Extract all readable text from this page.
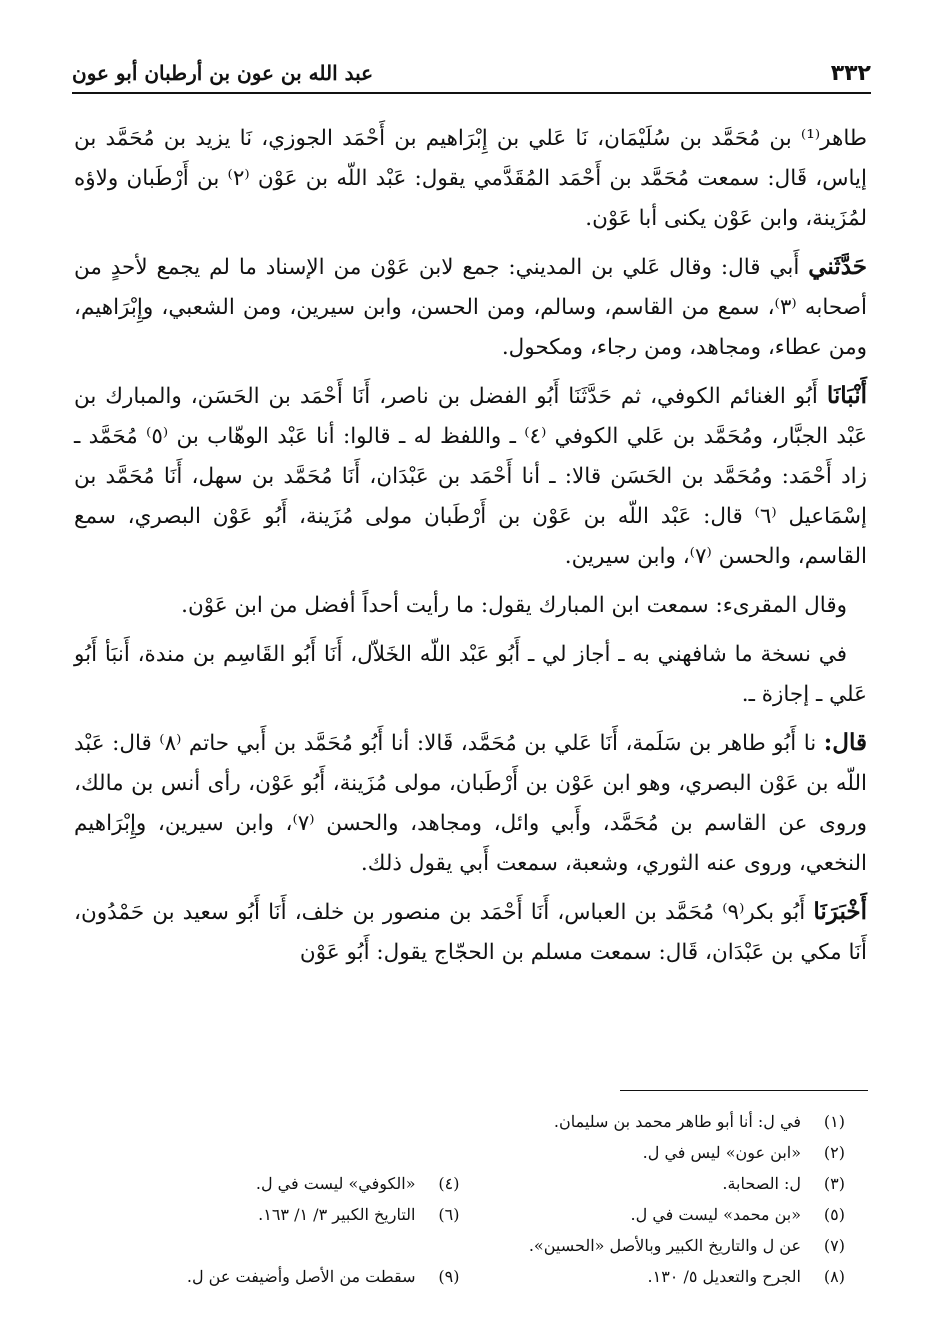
٣٣٢
عبد الله بن عون بن أرطبان أبو عون

طاهر⁽¹⁾ بن مُحَمَّد بن سُلَيْمَان، نَا عَلي بن إِبْرَاهيم بن أَحْمَد الجوزي، نَا يزيد بن مُحَمَّد بن إياس، قَال: سمعت مُحَمَّد بن أَحْمَد المُقَدَّمي يقول: عَبْد اللّه بن عَوْن ⁽٢⁾ بن أَرْطَبان ولاؤه لمُزَينة، وابن عَوْن يكنى أبا عَوْن.

حَدَّثَني أَبي قال: وقال عَلي بن المديني: جمع لابن عَوْن من الإسناد ما لم يجمع لأحدٍ من أصحابه ⁽٣⁾، سمع من القاسم، وسالم، ومن الحسن، وابن سيرين، ومن الشعبي، وإِبْرَاهيم، ومن عطاء، ومجاهد، ومن رجاء، ومكحول.

أَنْبَانَا أَبُو الغنائم الكوفي، ثم حَدَّثَنَا أَبُو الفضل بن ناصر، أَنَا أَحْمَد بن الحَسَن، والمبارك بن عَبْد الجبَّار، ومُحَمَّد بن عَلي الكوفي ⁽٤⁾ ـ واللفظ له ـ قالوا: أنا عَبْد الوهّاب بن ⁽٥⁾ مُحَمَّد ـ زاد أَحْمَد: ومُحَمَّد بن الحَسَن قالا: ـ أنا أَحْمَد بن عَبْدَان، أَنَا مُحَمَّد بن سهل، أَنَا مُحَمَّد بن إسْمَاعيل ⁽٦⁾ قال: عَبْد اللّه بن عَوْن بن أَرْطَبان مولى مُزَينة، أَبُو عَوْن البصري، سمع القاسم، والحسن ⁽٧⁾، وابن سيرين.

وقال المقرىء: سمعت ابن المبارك يقول: ما رأيت أحداً أفضل من ابن عَوْن.

في نسخة ما شافهني به ـ أجاز لي ـ أَبُو عَبْد اللّه الخَلاّل، أَنَا أَبُو القَاسِم بن مندة، أَنبَأ أَبُو عَلي ـ إجازة ـ.

قال: نا أَبُو طاهر بن سَلَمة، أَنَا عَلي بن مُحَمَّد، قَالا: أنا أَبُو مُحَمَّد بن أَبي حاتم ⁽٨⁾ قال: عَبْد اللّه بن عَوْن البصري، وهو ابن عَوْن بن أَرْطَبان، مولى مُزَينة، أَبُو عَوْن، رأى أنس بن مالك، وروى عن القاسم بن مُحَمَّد، وأَبي وائل، ومجاهد، والحسن ⁽٧⁾، وابن سيرين، وإِبْرَاهيم النخعي، وروى عنه الثوري، وشعبة، سمعت أَبي يقول ذلك.

أَخْبَرَنَا أَبُو بكر⁽٩⁾ مُحَمَّد بن العباس، أَنَا أَحْمَد بن منصور بن خلف، أَنَا أَبُو سعيد بن حَمْدُون، أَنَا مكي بن عَبْدَان، قَال: سمعت مسلم بن الحجّاج يقول: أَبُو عَوْن

(١)في ل: أنا أبو طاهر محمد بن سليمان.
(٢)«ابن عون» ليس في ل.
(٣)ل: الصحابة.
(٤)«الكوفي» ليست في ل.
(٥)«بن محمد» ليست في ل.
(٦)التاريخ الكبير ٣/ ١/ ١٦٣.
(٧)عن ل والتاريخ الكبير وبالأصل «الحسين».
(٨)الجرح والتعديل ٥/ ١٣٠.
(٩)سقطت من الأصل وأضيفت عن ل.
